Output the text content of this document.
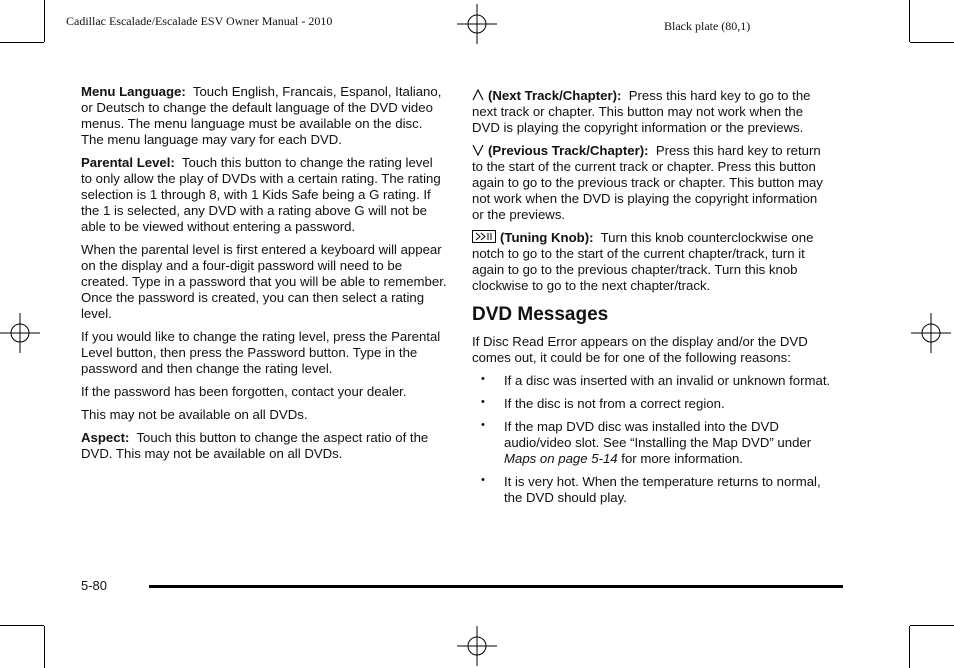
Cadillac Escalade/Escalade ESV Owner Manual - 2010	Black plate (80,1)

Menu Language: Touch English, Francais, Espanol, Italiano, or Deutsch to change the default language of the DVD video menus. The menu language must be available on the disc. The menu language may vary for each DVD.

Parental Level: Touch this button to change the rating level to only allow the play of DVDs with a certain rating. The rating selection is 1 through 8, with 1 Kids Safe being a G rating. If the 1 is selected, any DVD with a rating above G will not be able to be viewed without entering a password.

When the parental level is first entered a keyboard will appear on the display and a four-digit password will need to be created. Type in a password that you will be able to remember. Once the password is created, you can then select a rating level.

If you would like to change the rating level, press the Parental Level button, then press the Password button. Type in the password and then change the rating level.

If the password has been forgotten, contact your dealer.

This may not be available on all DVDs.

Aspect: Touch this button to change the aspect ratio of the DVD. This may not be available on all DVDs.

(Next Track/Chapter): Press this hard key to go to the next track or chapter. This button may not work when the DVD is playing the copyright information or the previews.

(Previous Track/Chapter): Press this hard key to return to the start of the current track or chapter. Press this button again to go to the previous track or chapter. This button may not work when the DVD is playing the copyright information or the previews.

(Tuning Knob): Turn this knob counterclockwise one notch to go to the start of the current chapter/track, turn it again to go to the previous chapter/track. Turn this knob clockwise to go to the next chapter/track.

DVD Messages

If Disc Read Error appears on the display and/or the DVD comes out, it could be for one of the following reasons:

• If a disc was inserted with an invalid or unknown format.
• If the disc is not from a correct region.
• If the map DVD disc was installed into the DVD audio/video slot. See “Installing the Map DVD” under Maps on page 5-14 for more information.
• It is very hot. When the temperature returns to normal, the DVD should play.
5-80
